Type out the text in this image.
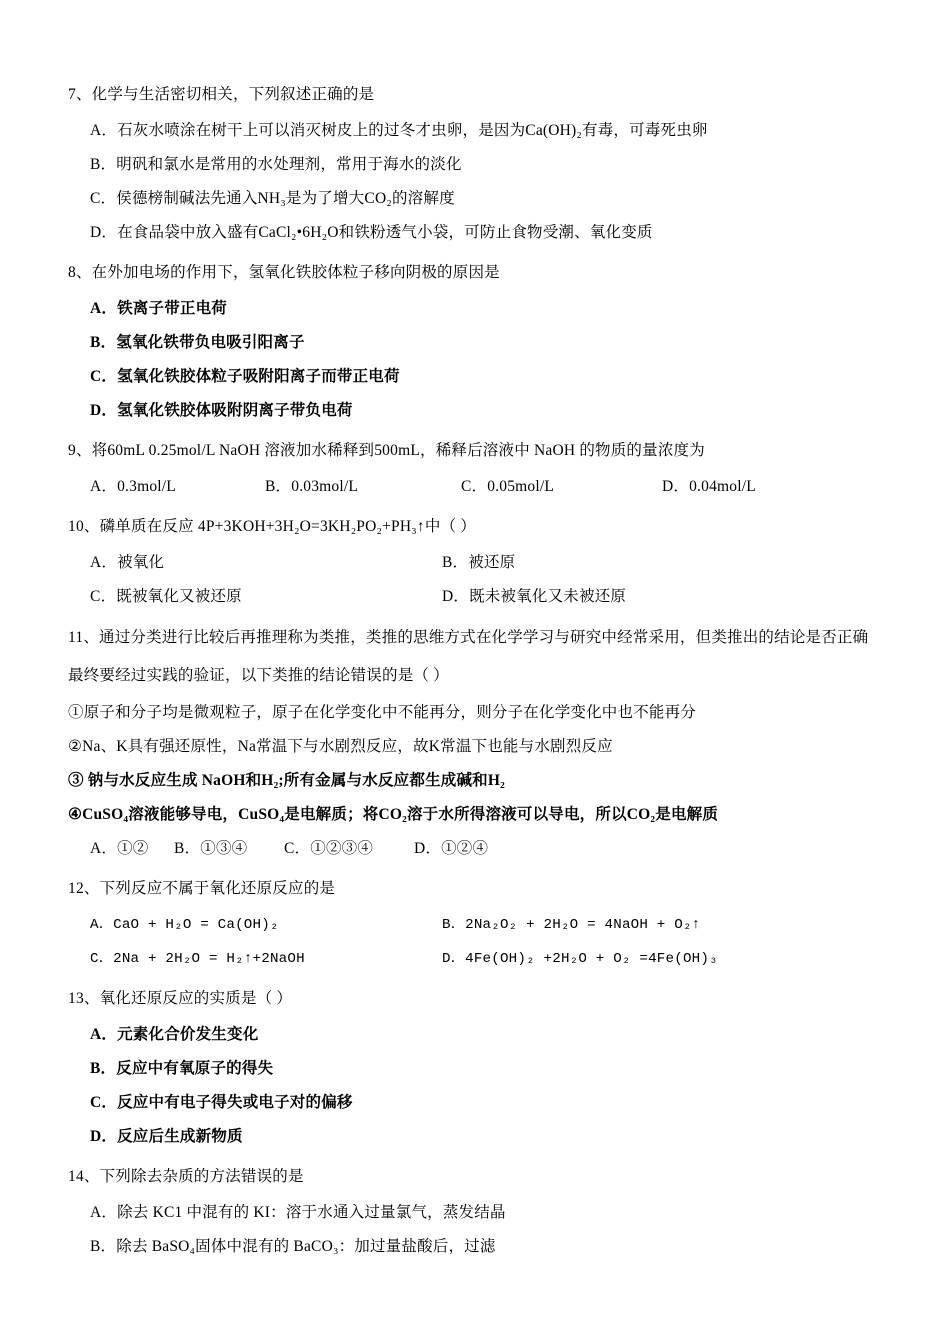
7、化学与生活密切相关，下列叙述正确的是

A．石灰水喷涂在树干上可以消灭树皮上的过冬才虫卵，是因为Ca(OH)₂有毒，可毒死虫卵

B．明矾和氯水是常用的水处理剂，常用于海水的淡化

C．侯德榜制碱法先通入NH₃是为了增大CO₂的溶解度

D．在食品袋中放入盛有CaCl₂•6H₂O和铁粉透气小袋，可防止食物受潮、氧化变质

8、在外加电场的作用下，氢氧化铁胶体粒子移向阴极的原因是

A．铁离子带正电荷

B．氢氧化铁带负电吸引阳离子

C．氢氧化铁胶体粒子吸附阳离子而带正电荷

D．氢氧化铁胶体吸附阴离子带负电荷

9、将60mL 0.25mol/L NaOH 溶液加水稀释到500mL，稀释后溶液中 NaOH 的物质的量浓度为

A．0.3mol/L	B．0.03mol/L	C．0.05mol/L	D．0.04mol/L

10、磷单质在反应 4P+3KOH+3H₂O=3KH₂PO₂+PH₃↑中（ ）

A．被氧化	B．被还原
C．既被氧化又被还原	D．既未被氧化又未被还原

11、通过分类进行比较后再推理称为类推，类推的思维方式在化学学习与研究中经常采用，但类推出的结论是否正确

最终要经过实践的验证，以下类推的结论错误的是（ ）

①原子和分子均是微观粒子，原子在化学变化中不能再分，则分子在化学变化中也不能再分

②Na、K具有强还原性，Na常温下与水剧烈反应，故K常温下也能与水剧烈反应

③ 钠与水反应生成 NaOH和H₂;所有金属与水反应都生成碱和H₂

④CuSO₄溶液能够导电，CuSO₄是电解质；将CO₂溶于水所得溶液可以导电，所以CO₂是电解质

A．①②	B．①③④	C．①②③④	D．①②④

12、下列反应不属于氧化还原反应的是

A．CaO + H₂O = Ca(OH)₂	B．2Na₂O₂ + 2H₂O = 4NaOH + O₂↑
C．2Na + 2H₂O = H₂↑+2NaOH	D．4Fe(OH)₂ +2H₂O + O₂ =4Fe(OH)₃

13、氧化还原反应的实质是（ ）

A．元素化合价发生变化

B．反应中有氧原子的得失

C．反应中有电子得失或电子对的偏移

D．反应后生成新物质

14、下列除去杂质的方法错误的是

A．除去 KC1 中混有的 KI：溶于水通入过量氯气，蒸发结晶

B．除去 BaSO₄固体中混有的 BaCO₃：加过量盐酸后，过滤
